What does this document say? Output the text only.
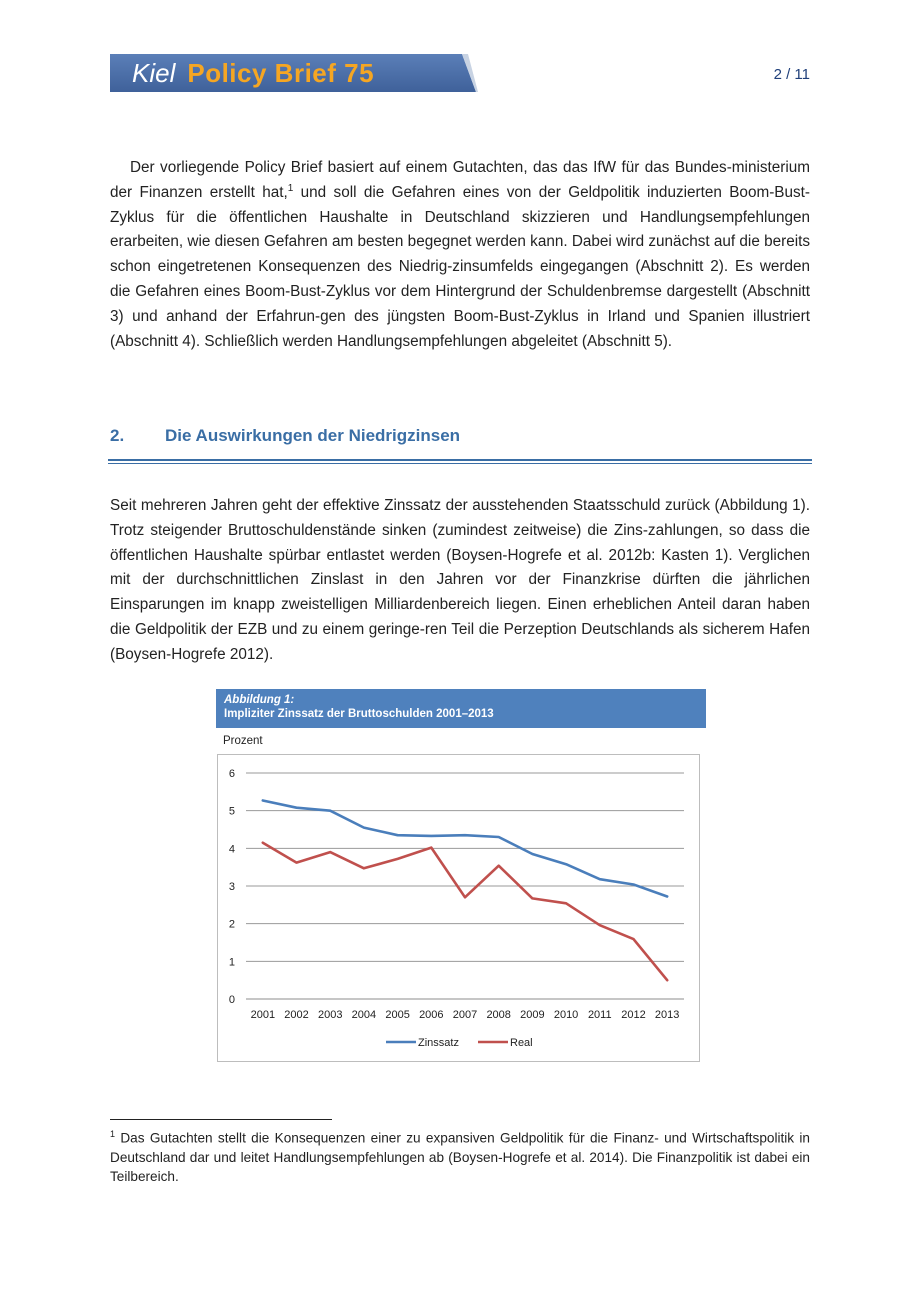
Kiel Policy Brief 75	2 / 11
Der vorliegende Policy Brief basiert auf einem Gutachten, das das IfW für das Bundes-ministerium der Finanzen erstellt hat,$^1$ und soll die Gefahren eines von der Geldpolitik induzierten Boom-Bust-Zyklus für die öffentlichen Haushalte in Deutschland skizzieren und Handlungsempfehlungen erarbeiten, wie diesen Gefahren am besten begegnet werden kann. Dabei wird zunächst auf die bereits schon eingetretenen Konsequenzen des Niedrig-zinsumfelds eingegangen (Abschnitt 2). Es werden die Gefahren eines Boom-Bust-Zyklus vor dem Hintergrund der Schuldenbremse dargestellt (Abschnitt 3) und anhand der Erfahrun-gen des jüngsten Boom-Bust-Zyklus in Irland und Spanien illustriert (Abschnitt 4). Schließlich werden Handlungsempfehlungen abgeleitet (Abschnitt 5).
2. Die Auswirkungen der Niedrigzinsen
Seit mehreren Jahren geht der effektive Zinssatz der ausstehenden Staatsschuld zurück (Abbildung 1). Trotz steigender Bruttoschuldenstände sinken (zumindest zeitweise) die Zins-zahlungen, so dass die öffentlichen Haushalte spürbar entlastet werden (Boysen-Hogrefe et al. 2012b: Kasten 1). Verglichen mit der durchschnittlichen Zinslast in den Jahren vor der Finanzkrise dürften die jährlichen Einsparungen im knapp zweistelligen Milliardenbereich liegen. Einen erheblichen Anteil daran haben die Geldpolitik der EZB und zu einem geringe-ren Teil die Perzeption Deutschlands als sicherem Hafen (Boysen-Hogrefe 2012).
Abbildung 1:
Impliziter Zinssatz der Bruttoschulden 2001–2013
Prozent
0
1
2
3
4
5
6
2001 2002 2003 2004 2005 2006 2007 2008 2009 2010 2011 2012 2013
Zinssatz	Real
$^1$ Das Gutachten stellt die Konsequenzen einer zu expansiven Geldpolitik für die Finanz- und Wirtschaftspolitik in Deutschland dar und leitet Handlungsempfehlungen ab (Boysen-Hogrefe et al. 2014). Die Finanzpolitik ist dabei ein Teilbereich.
